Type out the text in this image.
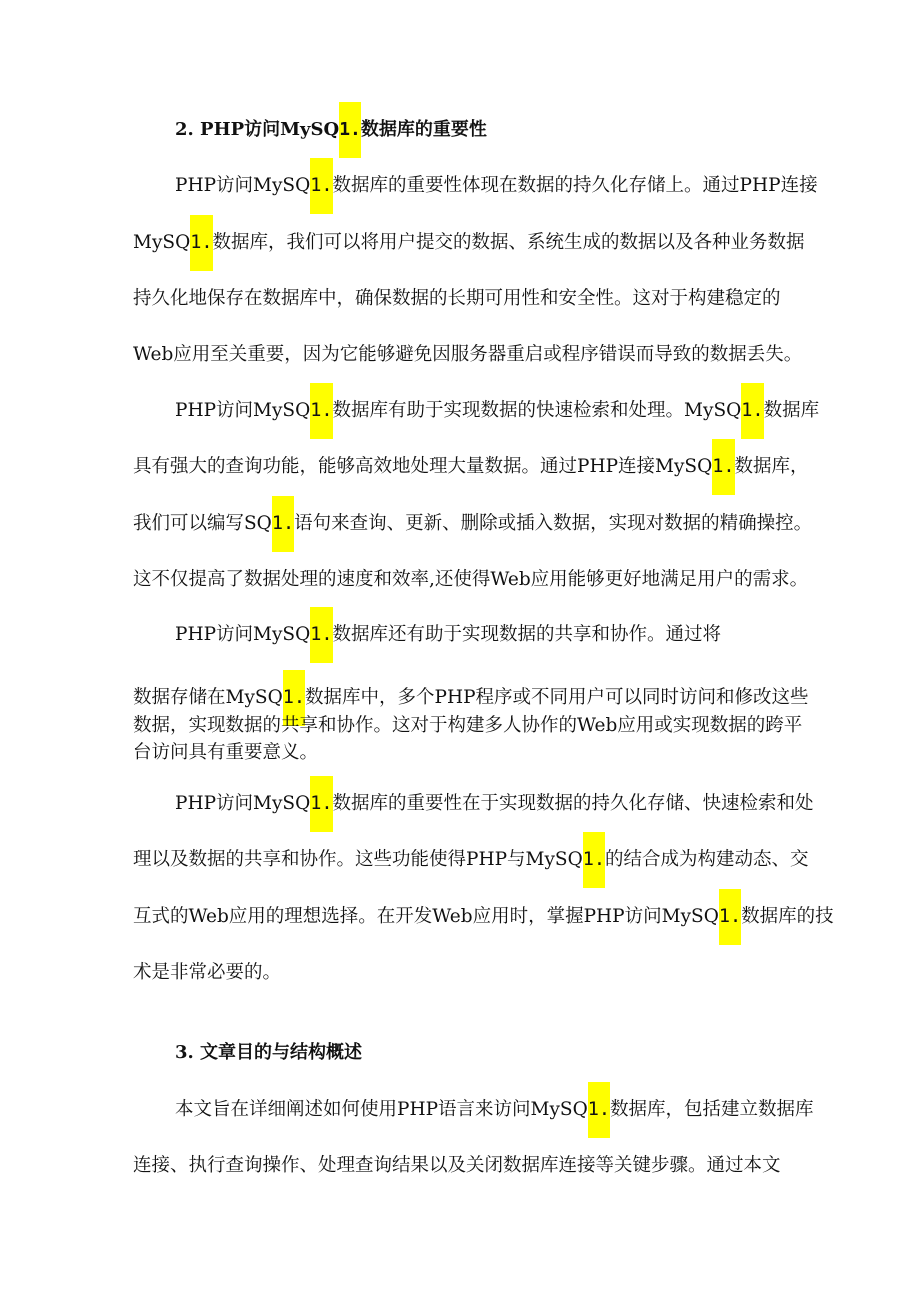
2. PHP访问MySQ1.数据库的重要性
PHP访问MySQ1.数据库的重要性体现在数据的持久化存储上。通过PHP连接
MySQ1.数据库，我们可以将用户提交的数据、系统生成的数据以及各种业务数据
持久化地保存在数据库中，确保数据的长期可用性和安全性。这对于构建稳定的
Web应用至关重要，因为它能够避免因服务器重启或程序错误而导致的数据丢失。
PHP访问MySQ1.数据库有助于实现数据的快速检索和处理。MySQ1.数据库
具有强大的查询功能，能够高效地处理大量数据。通过PHP连接MySQ1.数据库，
我们可以编写SQ1.语句来查询、更新、删除或插入数据，实现对数据的精确操控。
这不仅提高了数据处理的速度和效率,还使得Web应用能够更好地满足用户的需求。
PHP访问MySQ1.数据库还有助于实现数据的共享和协作。通过将
数据存储在MySQ1.数据库中，多个PHP程序或不同用户可以同时访问和修改这些
数据，实现数据的共享和协作。这对于构建多人协作的Web应用或实现数据的跨平
台访问具有重要意义。
PHP访问MySQ1.数据库的重要性在于实现数据的持久化存储、快速检索和处
理以及数据的共享和协作。这些功能使得PHP与MySQ1.的结合成为构建动态、交
互式的Web应用的理想选择。在开发Web应用时，掌握PHP访问MySQ1.数据库的技
术是非常必要的。
3. 文章目的与结构概述
本文旨在详细阐述如何使用PHP语言来访问MySQ1.数据库，包括建立数据库
连接、执行查询操作、处理查询结果以及关闭数据库连接等关键步骤。通过本文
